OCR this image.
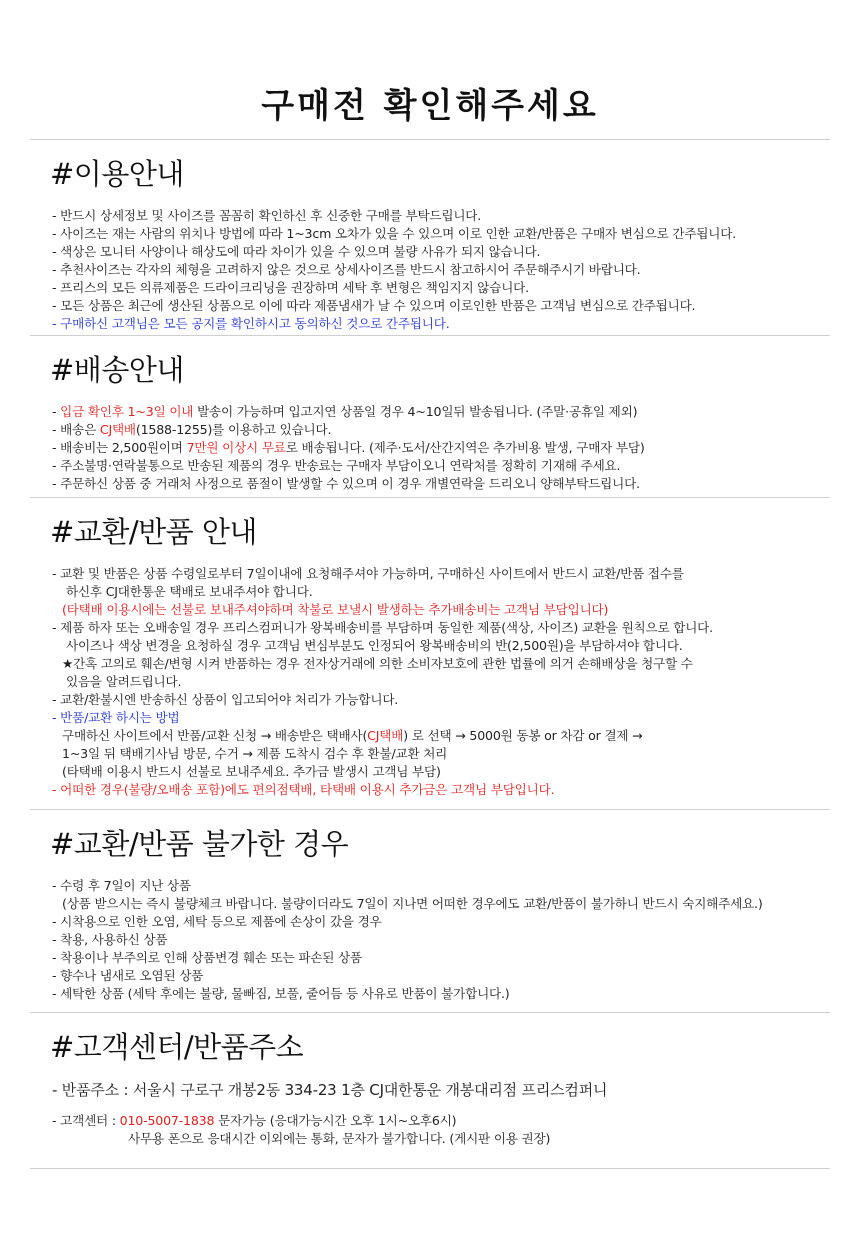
구매전 확인해주세요
#이용안내
- 반드시 상세정보 및 사이즈를 꼼꼼히 확인하신 후 신중한 구매를 부탁드립니다.
- 사이즈는 재는 사람의 위치나 방법에 따라 1~3cm 오차가 있을 수 있으며 이로 인한 교환/반품은 구매자 변심으로 간주됩니다.
- 색상은 모니터 사양이나 해상도에 따라 차이가 있을 수 있으며 불량 사유가 되지 않습니다.
- 추천사이즈는 각자의 체형을 고려하지 않은 것으로 상세사이즈를 반드시 참고하시어 주문해주시기 바랍니다.
- 프리스의 모든 의류제품은 드라이크리닝을 권장하며 세탁 후 변형은 책임지지 않습니다.
- 모든 상품은 최근에 생산된 상품으로 이에 따라 제품냄새가 날 수 있으며 이로인한 반품은 고객님 변심으로 간주됩니다.
- 구매하신 고객님은 모든 공지를 확인하시고 동의하신 것으로 간주됩니다.
#배송안내
- 입금 확인후 1~3일 이내 발송이 가능하며 입고지연 상품일 경우 4~10일뒤 발송됩니다. (주말·공휴일 제외)
- 배송은 CJ택배(1588-1255)를 이용하고 있습니다.
- 배송비는 2,500원이며 7만원 이상시 무료로 배송됩니다. (제주·도서/산간지역은 추가비용 발생, 구매자 부담)
- 주소불명·연락불통으로 반송된 제품의 경우 반송료는 구매자 부담이오니 연락처를 정확히 기재해 주세요.
- 주문하신 상품 중 거래처 사정으로 품절이 발생할 수 있으며 이 경우 개별연락을 드리오니 양해부탁드립니다.
#교환/반품 안내
- 교환 및 반품은 상품 수령일로부터 7일이내에 요청해주셔야 가능하며, 구매하신 사이트에서 반드시 교환/반품 접수를
하신후 CJ대한통운 택배로 보내주셔야 합니다.
(타택배 이용시에는 선불로 보내주셔야하며 착불로 보낼시 발생하는 추가배송비는 고객님 부담입니다)
- 제품 하자 또는 오배송일 경우 프리스컴퍼니가 왕복배송비를 부담하며 동일한 제품(색상, 사이즈) 교환을 원칙으로 합니다.
사이즈나 색상 변경을 요청하실 경우 고객님 변심부분도 인정되어 왕복배송비의 반(2,500원)을 부담하셔야 합니다.
★간혹 고의로 훼손/변형 시켜 반품하는 경우 전자상거래에 의한 소비자보호에 관한 법률에 의거 손해배상을 청구할 수
있음을 알려드립니다.
- 교환/환불시엔 반송하신 상품이 입고되어야 처리가 가능합니다.
- 반품/교환 하시는 방법
구매하신 사이트에서 반품/교환 신청 → 배송받은 택배사(CJ택배) 로 선택 → 5000원 동봉 or 차감 or 결제 →
1~3일 뒤 택배기사님 방문, 수거 → 제품 도착시 검수 후 환불/교환 처리
(타택배 이용시 반드시 선불로 보내주세요. 추가금 발생시 고객님 부담)
- 어떠한 경우(불량/오배송 포함)에도 편의점택배, 타택배 이용시 추가금은 고객님 부담입니다.
#교환/반품 불가한 경우
- 수령 후 7일이 지난 상품
(상품 받으시는 즉시 불량체크 바랍니다. 불량이더라도 7일이 지나면 어떠한 경우에도 교환/반품이 불가하니 반드시 숙지해주세요.)
- 시착용으로 인한 오염, 세탁 등으로 제품에 손상이 갔을 경우
- 착용, 사용하신 상품
- 착용이나 부주의로 인해 상품변경 훼손 또는 파손된 상품
- 향수나 냄새로 오염된 상품
- 세탁한 상품 (세탁 후에는 불량, 물빠짐, 보풀, 줄어듬 등 사유로 반품이 불가합니다.)
#고객센터/반품주소
- 반품주소 : 서울시 구로구 개봉2동 334-23 1층 CJ대한통운 개봉대리점 프리스컴퍼니
- 고객센터 : 010-5007-1838 문자가능 (응대가능시간 오후 1시~오후6시)
사무용 폰으로 응대시간 이외에는 통화, 문자가 불가합니다. (게시판 이용 권장)
